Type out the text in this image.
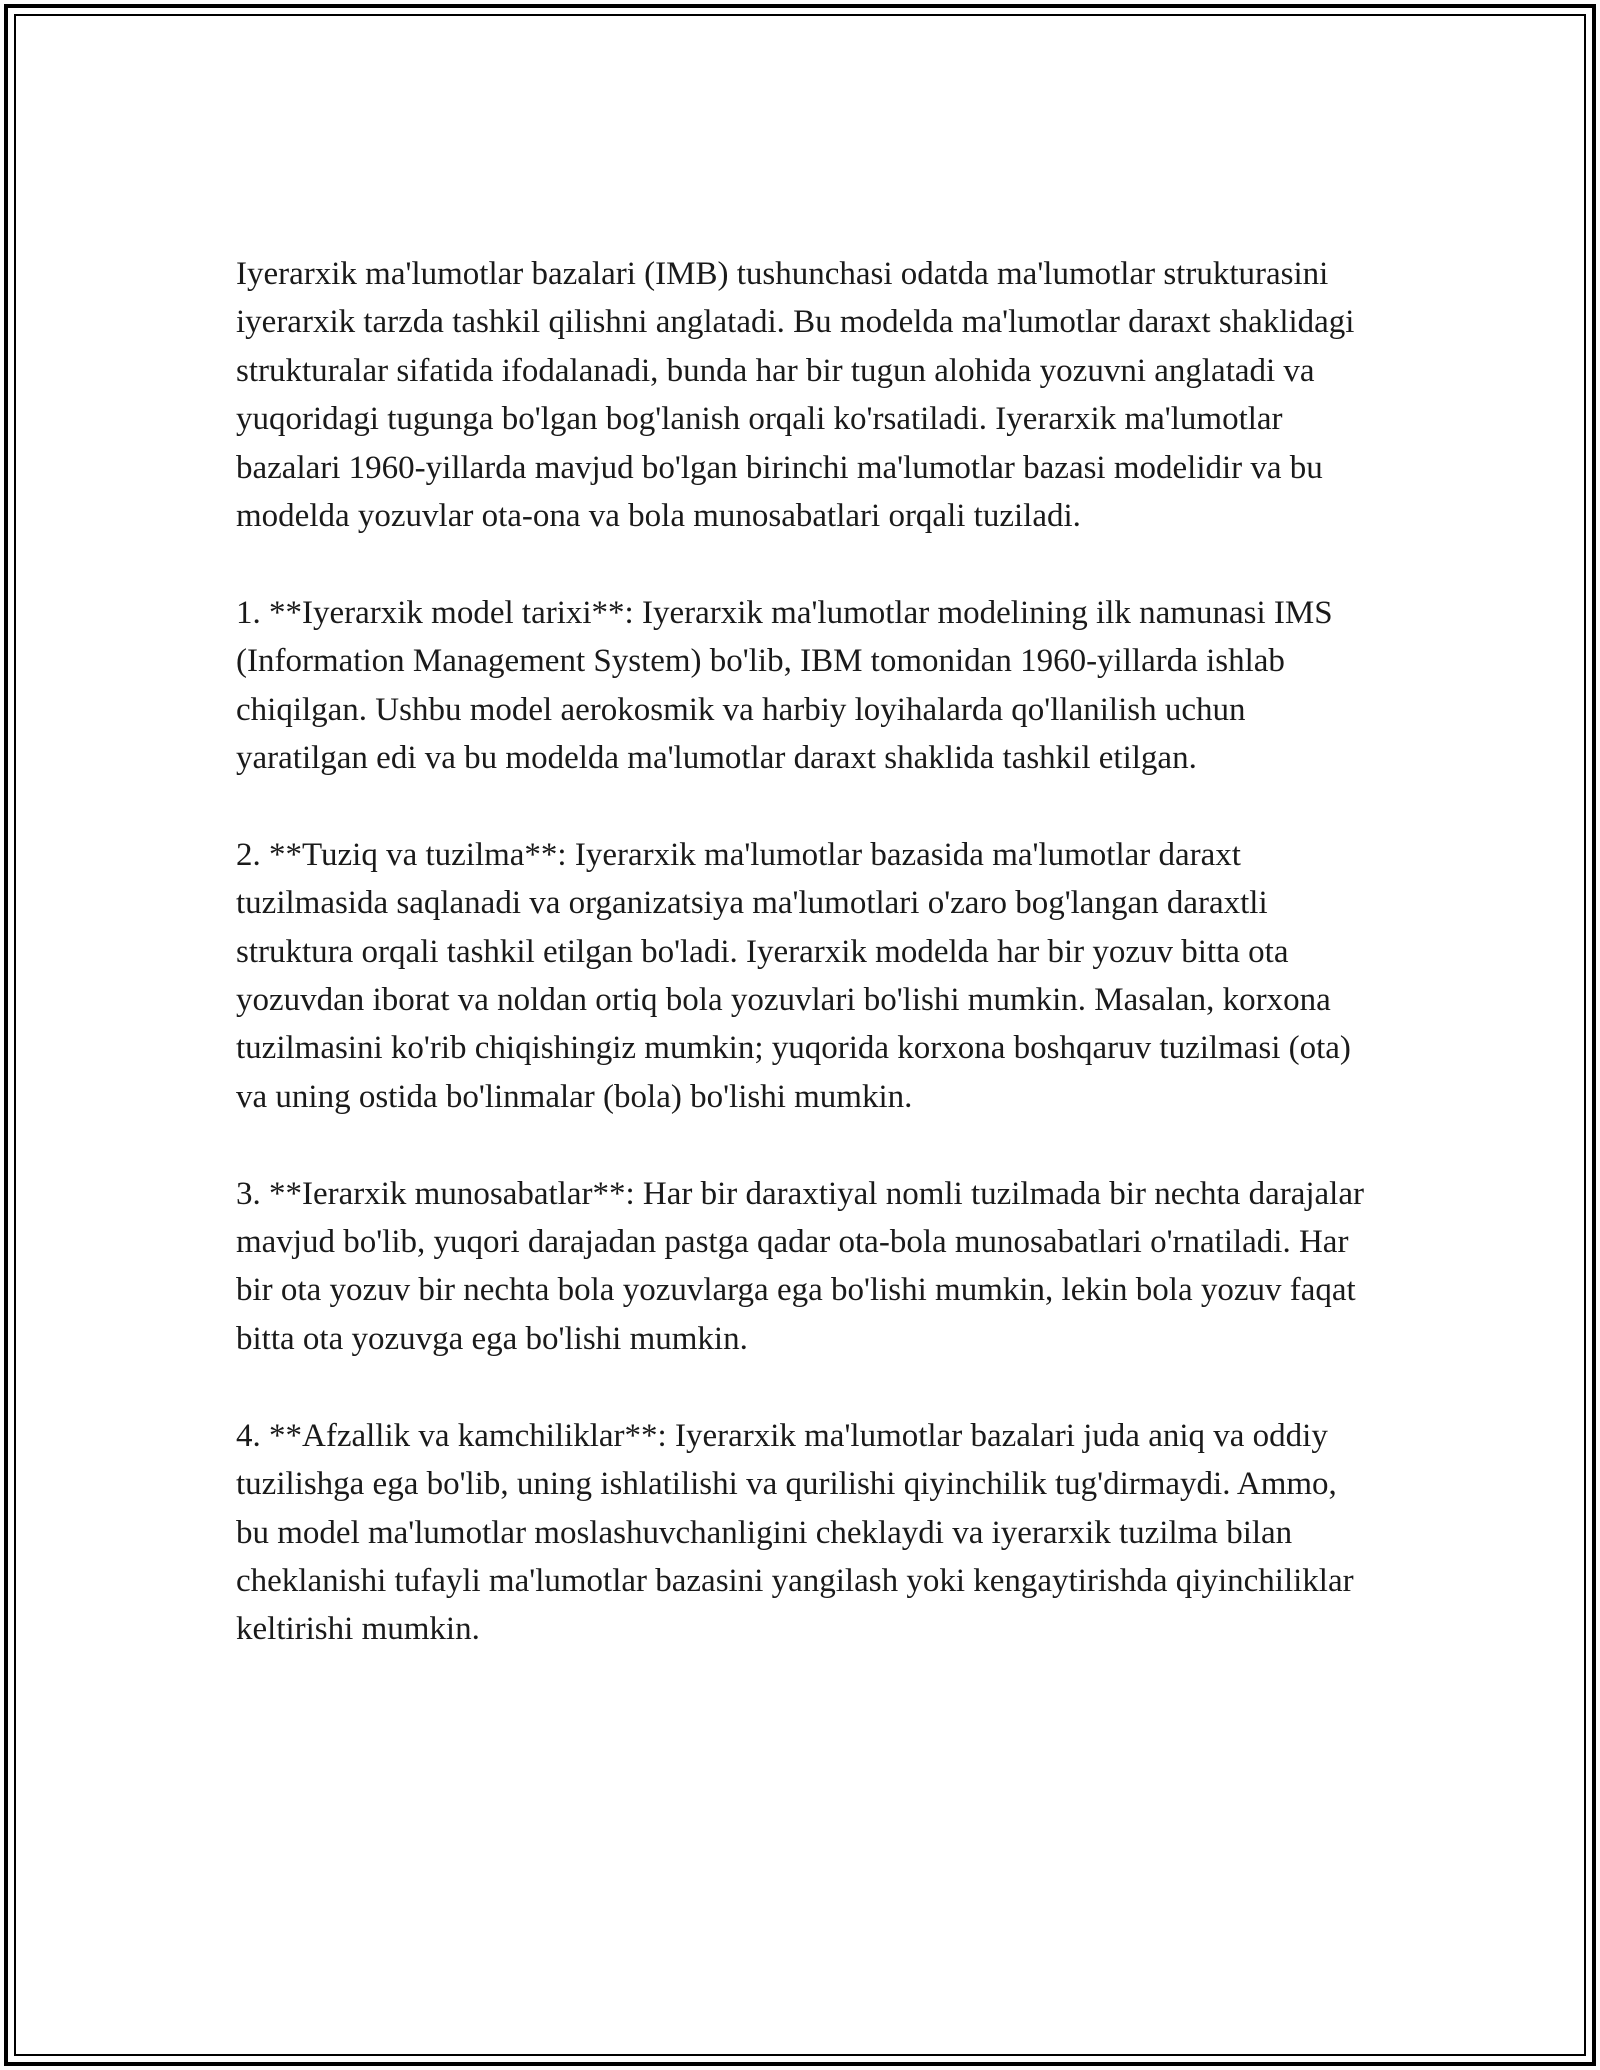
Iyerarxik ma'lumotlar bazalari (IMB) tushunchasi odatda ma'lumotlar strukturasini iyerarxik tarzda tashkil qilishni anglatadi. Bu modelda ma'lumotlar daraxt shaklidagi strukturalar sifatida ifodalanadi, bunda har bir tugun alohida yozuvni anglatadi va yuqoridagi tugunga bo'lgan bog'lanish orqali ko'rsatiladi. Iyerarxik ma'lumotlar bazalari 1960-yillarda mavjud bo'lgan birinchi ma'lumotlar bazasi modelidir va bu modelda yozuvlar ota-ona va bola munosabatlari orqali tuziladi.

1. **Iyerarxik model tarixi**: Iyerarxik ma'lumotlar modelining ilk namunasi IMS (Information Management System) bo'lib, IBM tomonidan 1960-yillarda ishlab chiqilgan. Ushbu model aerokosmik va harbiy loyihalarda qo'llanilish uchun yaratilgan edi va bu modelda ma'lumotlar daraxt shaklida tashkil etilgan.

2. **Tuziq va tuzilma**: Iyerarxik ma'lumotlar bazasida ma'lumotlar daraxt tuzilmasida saqlanadi va organizatsiya ma'lumotlari o'zaro bog'langan daraxtli struktura orqali tashkil etilgan bo'ladi. Iyerarxik modelda har bir yozuv bitta ota yozuvdan iborat va noldan ortiq bola yozuvlari bo'lishi mumkin. Masalan, korxona tuzilmasini ko'rib chiqishingiz mumkin; yuqorida korxona boshqaruv tuzilmasi (ota) va uning ostida bo'linmalar (bola) bo'lishi mumkin.

3. **Ierarxik munosabatlar**: Har bir daraxtiyal nomli tuzilmada bir nechta darajalar mavjud bo'lib, yuqori darajadan pastga qadar ota-bola munosabatlari o'rnatiladi. Har bir ota yozuv bir nechta bola yozuvlarga ega bo'lishi mumkin, lekin bola yozuv faqat bitta ota yozuvga ega bo'lishi mumkin.

4. **Afzallik va kamchiliklar**: Iyerarxik ma'lumotlar bazalari juda aniq va oddiy tuzilishga ega bo'lib, uning ishlatilishi va qurilishi qiyinchilik tug'dirmaydi. Ammo, bu model ma'lumotlar moslashuvchanligini cheklaydi va iyerarxik tuzilma bilan cheklanishi tufayli ma'lumotlar bazasini yangilash yoki kengaytirishda qiyinchiliklar keltirishi mumkin.
